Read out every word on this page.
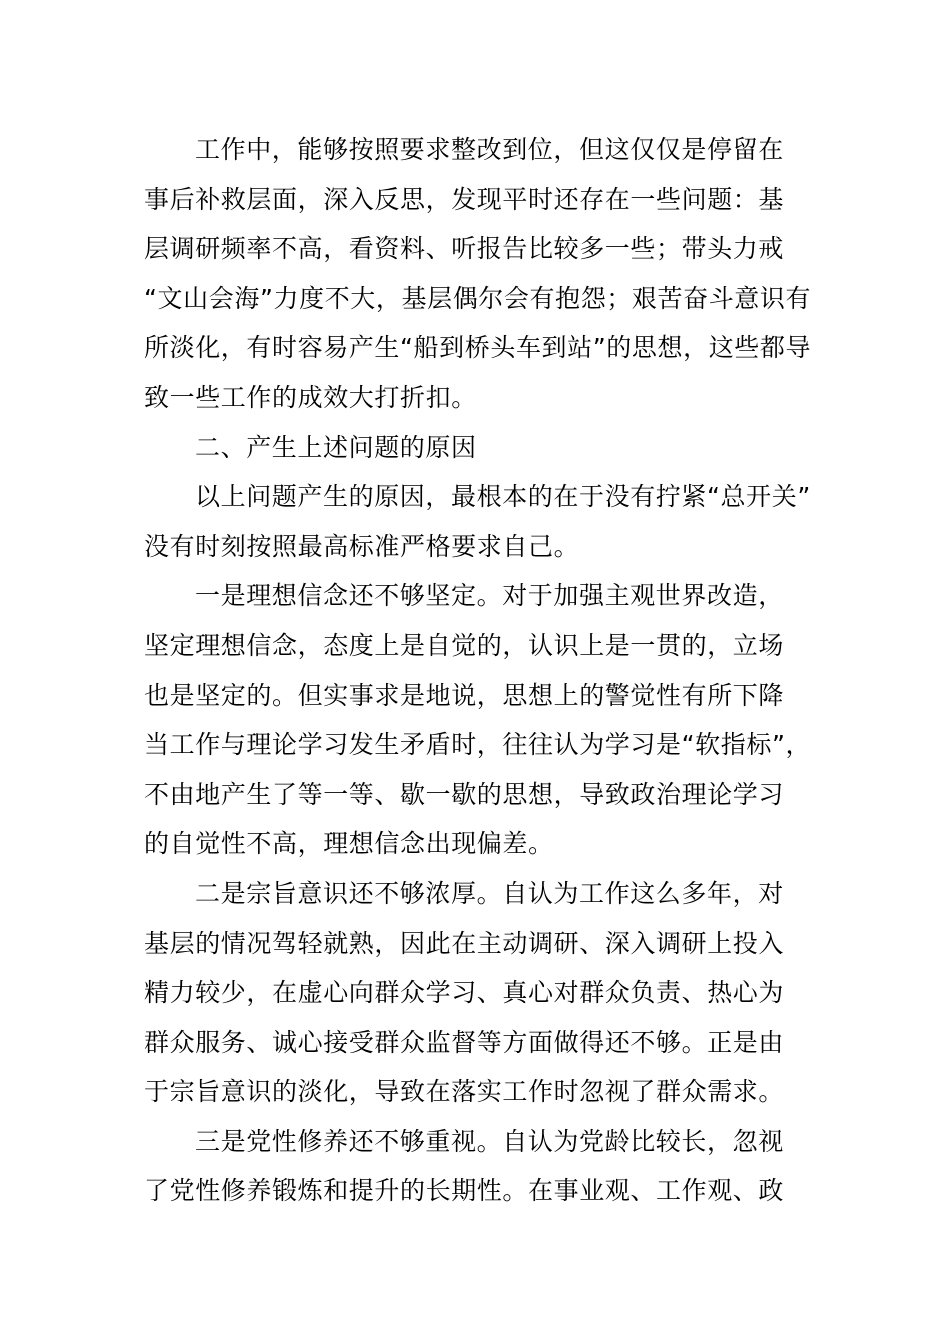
工作中，能够按照要求整改到位，但这仅仅是停留在
事后补救层面，深入反思，发现平时还存在一些问题：基
层调研频率不高，看资料、听报告比较多一些；带头力戒
“文山会海”力度不大，基层偶尔会有抱怨；艰苦奋斗意识有
所淡化，有时容易产生“船到桥头车到站”的思想，这些都导
致一些工作的成效大打折扣。
二、产生上述问题的原因
以上问题产生的原因，最根本的在于没有拧紧“总开关”
没有时刻按照最高标准严格要求自己。
一是理想信念还不够坚定。对于加强主观世界改造，
坚定理想信念，态度上是自觉的，认识上是一贯的，立场
也是坚定的。但实事求是地说，思想上的警觉性有所下降
当工作与理论学习发生矛盾时，往往认为学习是“软指标”，
不由地产生了等一等、歇一歇的思想，导致政治理论学习
的自觉性不高，理想信念出现偏差。
二是宗旨意识还不够浓厚。自认为工作这么多年，对
基层的情况驾轻就熟，因此在主动调研、深入调研上投入
精力较少，在虚心向群众学习、真心对群众负责、热心为
群众服务、诚心接受群众监督等方面做得还不够。正是由
于宗旨意识的淡化，导致在落实工作时忽视了群众需求。
三是党性修养还不够重视。自认为党龄比较长，忽视
了党性修养锻炼和提升的长期性。在事业观、工作观、政
